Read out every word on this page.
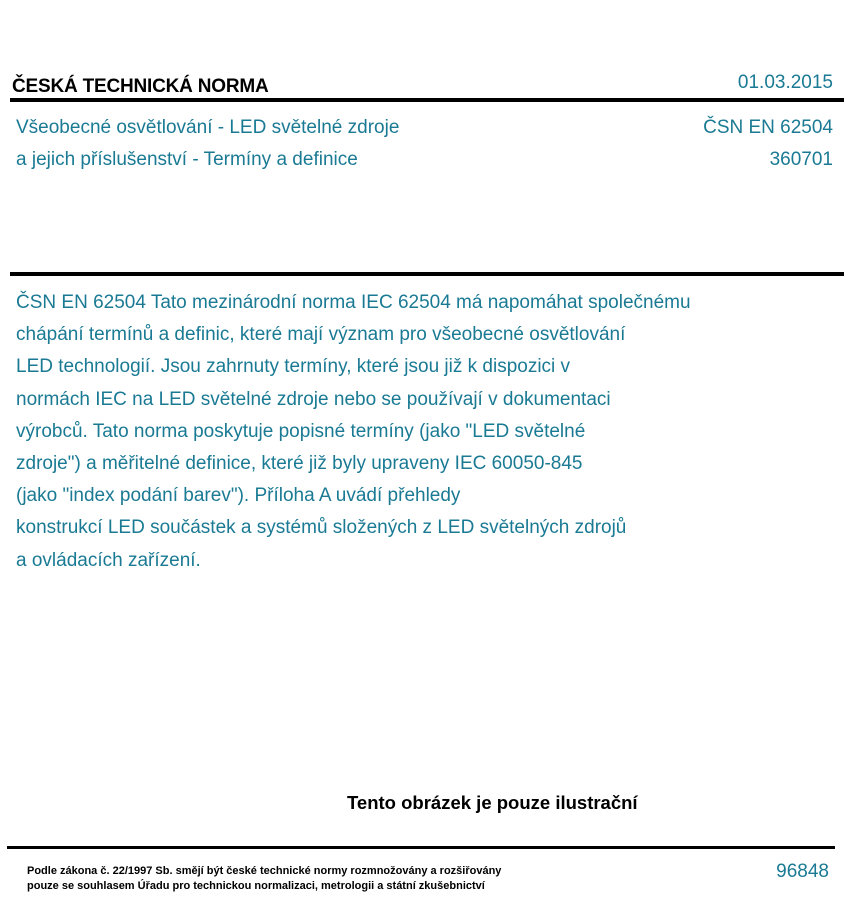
ČESKÁ TECHNICKÁ NORMA	01.03.2015
Všeobecné osvětlování - LED světelné zdroje
a jejich příslušenství - Termíny a definice
ČSN EN 62504
360701
ČSN EN 62504 Tato mezinárodní norma IEC 62504 má napomáhat společnému
chápání termínů a definic, které mají význam pro všeobecné osvětlování
LED technologií. Jsou zahrnuty termíny, které jsou již k dispozici v
normách IEC na LED světelné zdroje nebo se používají v dokumentaci
výrobců. Tato norma poskytuje popisné termíny (jako "LED světelné
zdroje") a měřitelné definice, které již byly upraveny IEC 60050-845
(jako "index podání barev"). Příloha A uvádí přehledy
konstrukcí LED součástek a systémů složených z LED světelných zdrojů
a ovládacích zařízení.
Tento obrázek je pouze ilustrační
Podle zákona č. 22/1997 Sb. smějí být české technické normy rozmnožovány a rozšiřovány
pouze se souhlasem Úřadu pro technickou normalizaci, metrologii a státní zkušebnictví
96848
